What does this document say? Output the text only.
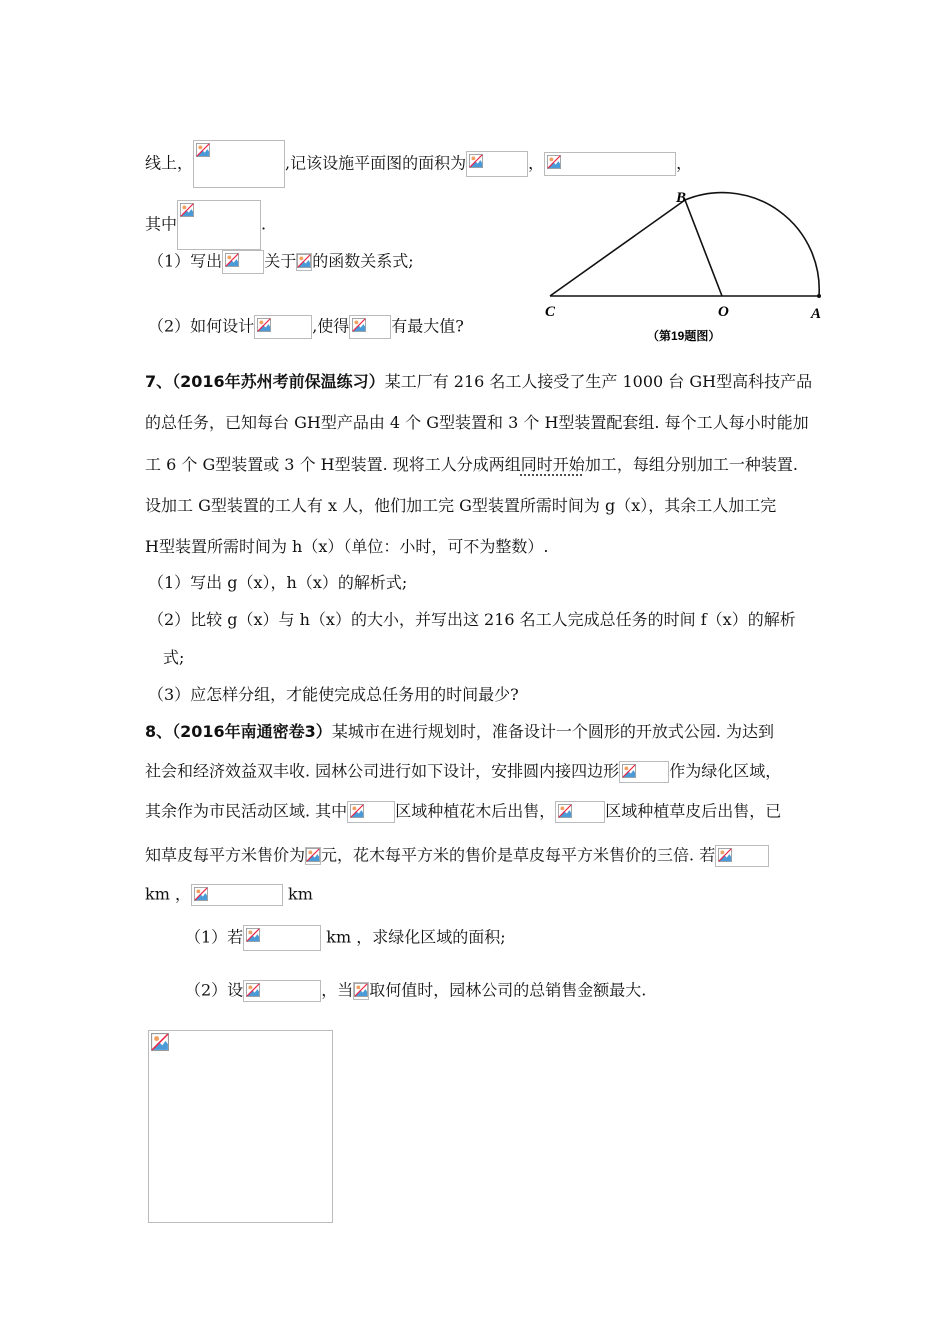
线上，	,记该设施平面图的面积为	，	，
其中	.
（1）写出	关于 的函数关系式;
（2）如何设计	,使得	有最大值?
B
C	O	A
（第19题图）
7、（2016年苏州考前保温练习）某工厂有 216 名工人接受了生产 1000 台 GH型高科技产品
的总任务，已知每台 GH型产品由 4 个 G型装置和 3 个 H型装置配套组. 每个工人每小时能加
工 6 个 G型装置或 3 个 H型装置. 现将工人分成两组同时开始加工，每组分别加工一种装置.
设加工 G型装置的工人有 x 人，他们加工完 G型装置所需时间为 g（x），其余工人加工完
H型装置所需时间为 h（x）（单位：小时，可不为整数）.
（1）写出 g（x），h（x）的解析式;
（2）比较 g（x）与 h（x）的大小，并写出这 216 名工人完成总任务的时间 f（x）的解析
式;
（3）应怎样分组，才能使完成总任务用的时间最少?
8、（2016年南通密卷3）某城市在进行规划时，准备设计一个圆形的开放式公园. 为达到
社会和经济效益双丰收. 园林公司进行如下设计，安排圆内接四边形	作为绿化区域，
其余作为市民活动区域. 其中	区域种植花木后出售，	区域种植草皮后出售，已
知草皮每平方米售价为 元，花木每平方米的售价是草皮每平方米售价的三倍. 若
km ，	km
（1）若	km ，求绿化区域的面积;
（2）设	，当 取何值时，园林公司的总销售金额最大.
